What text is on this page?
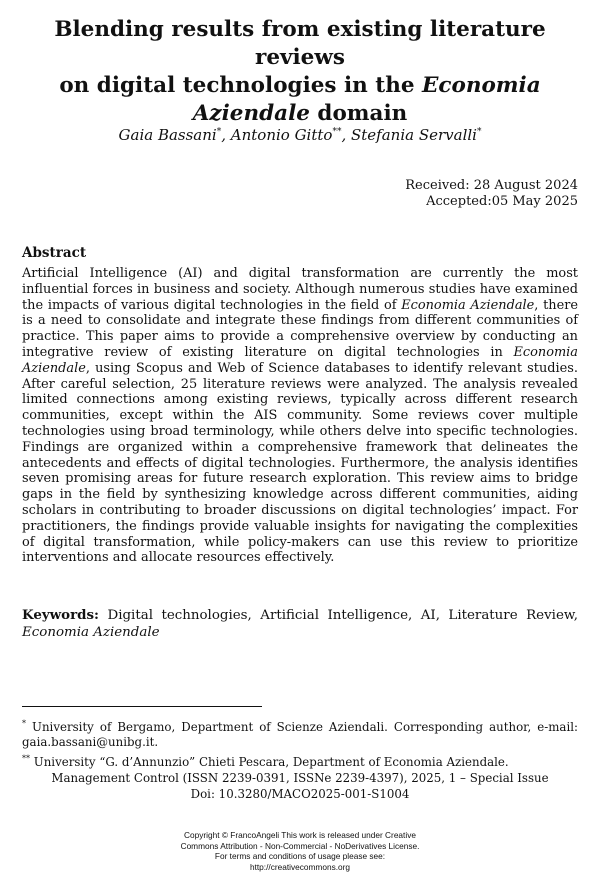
Blending results from existing literature reviews
on digital technologies in the Economia
Aziendale domain
Gaia Bassani*, Antonio Gitto**, Stefania Servalli*
Received: 28 August 2024
Accepted:05 May 2025
Abstract

Artificial Intelligence (AI) and digital transformation are currently the most influential forces in business and society. Although numerous studies have examined the impacts of various digital technologies in the field of Economia Aziendale, there is a need to consolidate and integrate these findings from different communities of practice. This paper aims to provide a comprehensive overview by conducting an integrative review of existing literature on digital technologies in Economia Aziendale, using Scopus and Web of Science databases to identify relevant studies. After careful selection, 25 literature reviews were analyzed. The analysis revealed limited connections among existing reviews, typically across different research communities, except within the AIS community. Some reviews cover multiple technologies using broad terminology, while others delve into specific technologies. Findings are organized within a comprehensive framework that delineates the antecedents and effects of digital technologies. Furthermore, the analysis identifies seven promising areas for future research exploration. This review aims to bridge gaps in the field by synthesizing knowledge across different communities, aiding scholars in contributing to broader discussions on digital technologies’ impact. For practitioners, the findings provide valuable insights for navigating the complexities of digital transformation, while policy-makers can use this review to prioritize interventions and allocate resources effectively.

Keywords: Digital technologies, Artificial Intelligence, AI, Literature Review, Economia Aziendale

* University of Bergamo, Department of Scienze Aziendali. Corresponding author, e-mail: gaia.bassani@unibg.it.

** University “G. d’Annunzio” Chieti Pescara, Department of Economia Aziendale.

Management Control (ISSN 2239-0391, ISSNe 2239-4397), 2025, 1 – Special Issue
Doi: 10.3280/MACO2025-001-S1004
Copyright © FrancoAngeli This work is released under Creative
Commons Attribution - Non-Commercial - NoDerivatives License.
For terms and conditions of usage please see:
http://creativecommons.org
